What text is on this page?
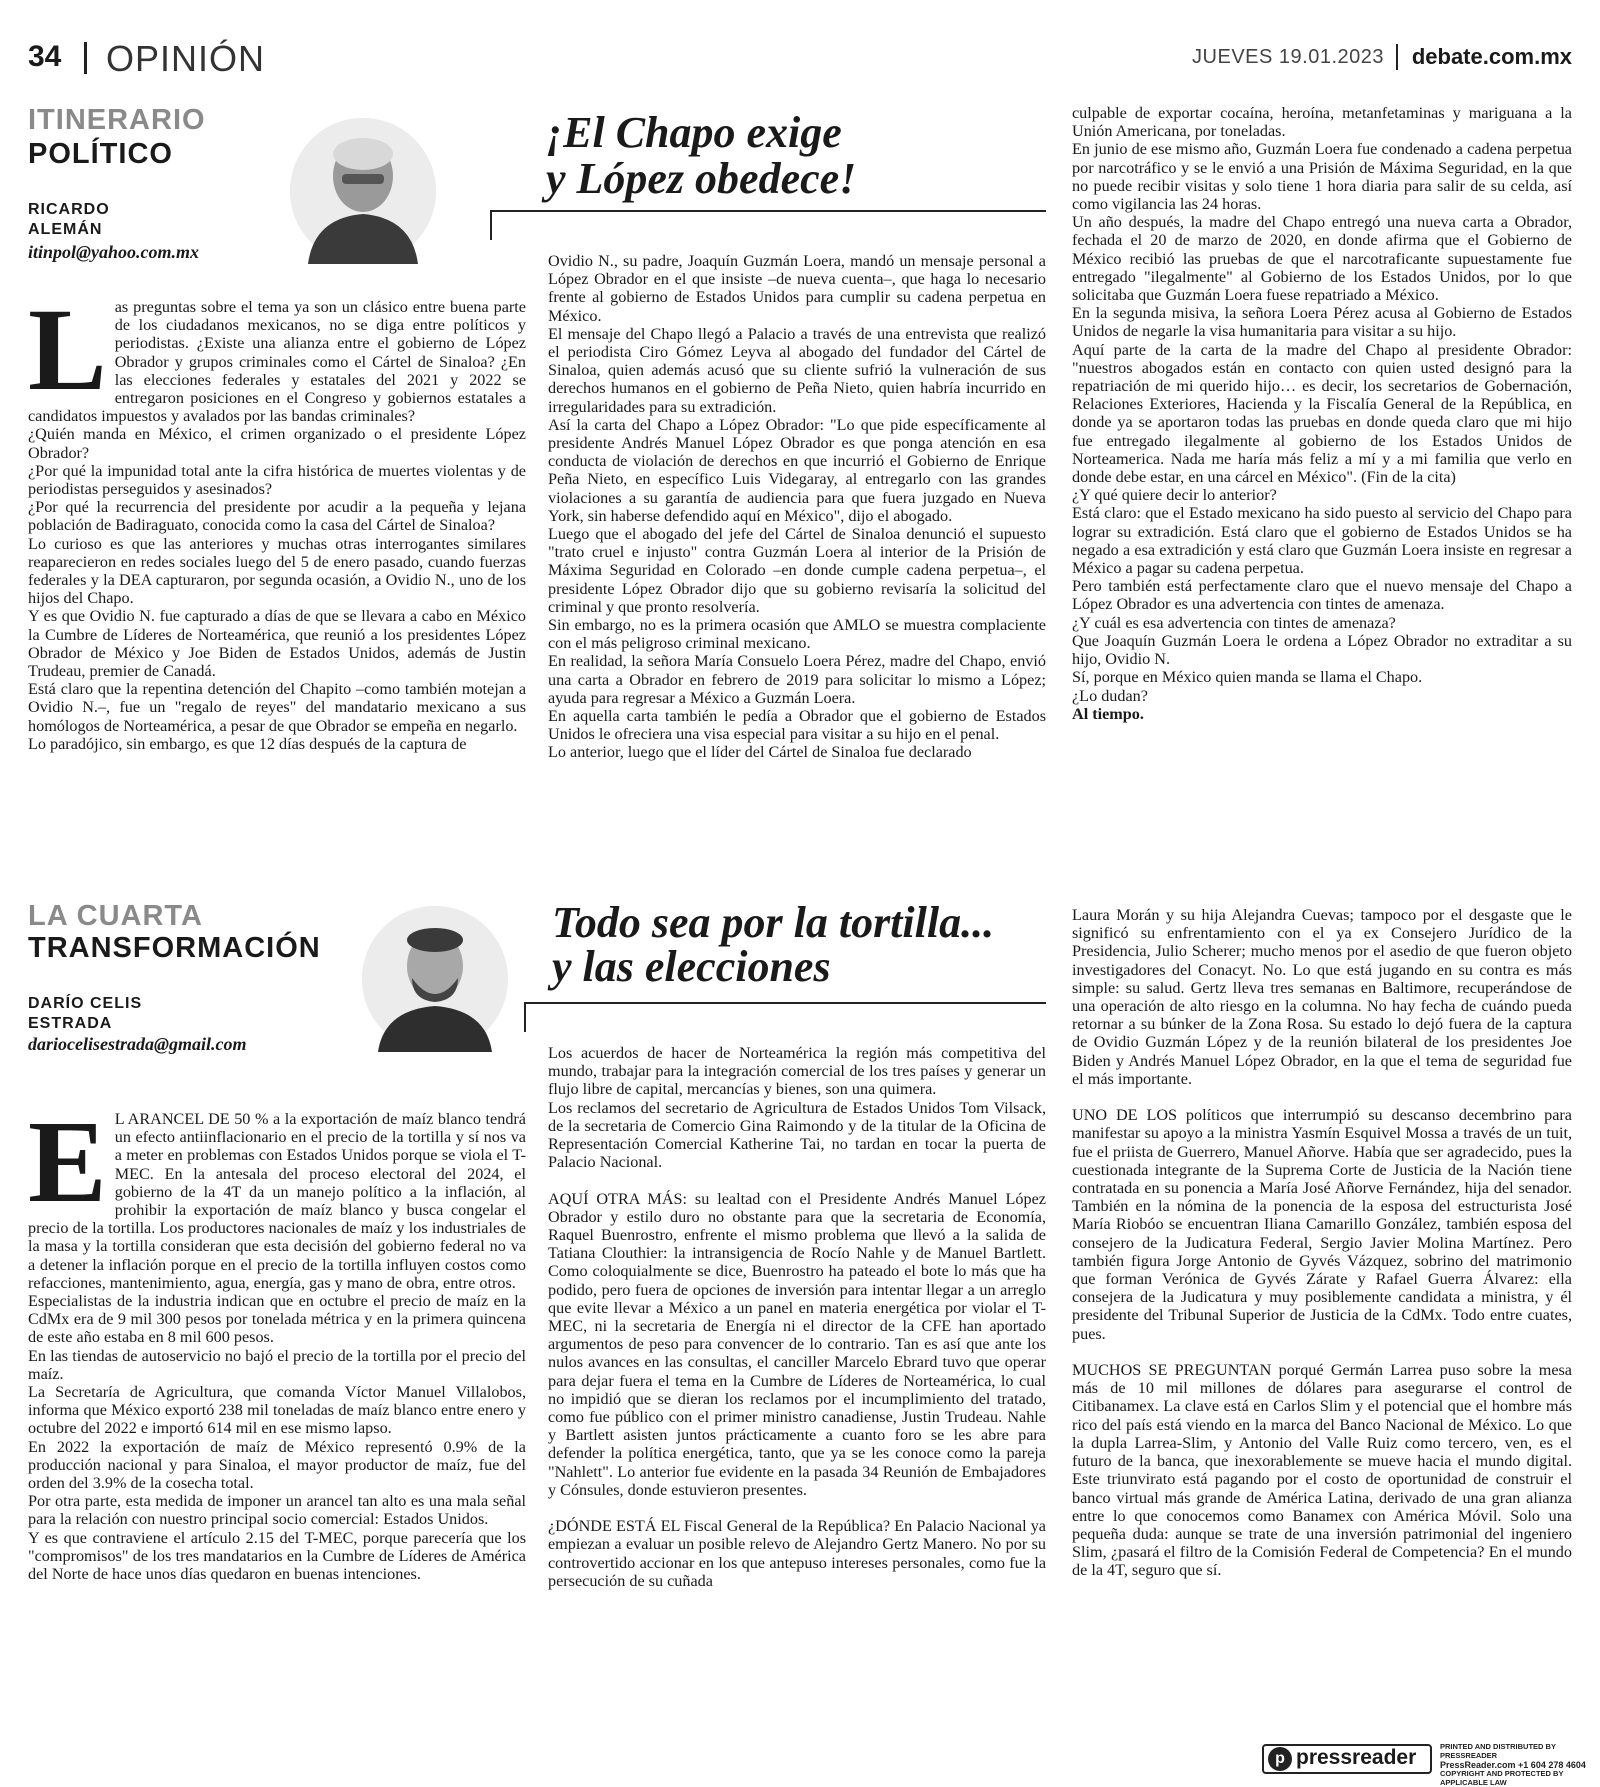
34 OPINIÓN	JUEVES 19.01.2023 debate.com.mx
ITINERARIO
POLÍTICO
RICARDO
ALEMÁN
itinpol@yahoo.com.mx
¡El Chapo exige
y López obedece!
L as preguntas sobre el tema ya son un clásico entre buena parte de los ciudadanos mexicanos, no se diga entre políticos y periodistas. ¿Existe una alianza entre el gobierno de López Obrador y grupos criminales como el Cártel de Sinaloa? ¿En las elecciones federales y estatales del 2021 y 2022 se entregaron posiciones en el Congreso y gobiernos estatales a candidatos impuestos y avalados por las bandas criminales?

¿Quién manda en México, el crimen organizado o el presidente López Obrador?

¿Por qué la impunidad total ante la cifra histórica de muertes violentas y de periodistas perseguidos y asesinados?

¿Por qué la recurrencia del presidente por acudir a la pequeña y lejana población de Badiraguato, conocida como la casa del Cártel de Sinaloa?

Lo curioso es que las anteriores y muchas otras interrogantes similares reaparecieron en redes sociales luego del 5 de enero pasado, cuando fuerzas federales y la DEA capturaron, por segunda ocasión, a Ovidio N., uno de los hijos del Chapo.

Y es que Ovidio N. fue capturado a días de que se llevara a cabo en México la Cumbre de Líderes de Norteamérica, que reunió a los presidentes López Obrador de México y Joe Biden de Estados Unidos, además de Justin Trudeau, premier de Canadá.

Está claro que la repentina detención del Chapito –como también motejan a Ovidio N.–, fue un "regalo de reyes" del mandatario mexicano a sus homólogos de Norteamérica, a pesar de que Obrador se empeña en negarlo.

Lo paradójico, sin embargo, es que 12 días después de la captura de

Ovidio N., su padre, Joaquín Guzmán Loera, mandó un mensaje personal a López Obrador en el que insiste –de nueva cuenta–, que haga lo necesario frente al gobierno de Estados Unidos para cumplir su cadena perpetua en México.

El mensaje del Chapo llegó a Palacio a través de una entrevista que realizó el periodista Ciro Gómez Leyva al abogado del fundador del Cártel de Sinaloa, quien además acusó que su cliente sufrió la vulneración de sus derechos humanos en el gobierno de Peña Nieto, quien habría incurrido en irregularidades para su extradición.

Así la carta del Chapo a López Obrador: "Lo que pide específicamente al presidente Andrés Manuel López Obrador es que ponga atención en esa conducta de violación de derechos en que incurrió el Gobierno de Enrique Peña Nieto, en específico Luis Videgaray, al entregarlo con las grandes violaciones a su garantía de audiencia para que fuera juzgado en Nueva York, sin haberse defendido aquí en México", dijo el abogado.

Luego que el abogado del jefe del Cártel de Sinaloa denunció el supuesto "trato cruel e injusto" contra Guzmán Loera al interior de la Prisión de Máxima Seguridad en Colorado –en donde cumple cadena perpetua–, el presidente López Obrador dijo que su gobierno revisaría la solicitud del criminal y que pronto resolvería.

Sin embargo, no es la primera ocasión que AMLO se muestra complaciente con el más peligroso criminal mexicano.

En realidad, la señora María Consuelo Loera Pérez, madre del Chapo, envió una carta a Obrador en febrero de 2019 para solicitar lo mismo a López; ayuda para regresar a México a Guzmán Loera.

En aquella carta también le pedía a Obrador que el gobierno de Estados Unidos le ofreciera una visa especial para visitar a su hijo en el penal.

Lo anterior, luego que el líder del Cártel de Sinaloa fue declarado

culpable de exportar cocaína, heroína, metanfetaminas y mariguana a la Unión Americana, por toneladas.

En junio de ese mismo año, Guzmán Loera fue condenado a cadena perpetua por narcotráfico y se le envió a una Prisión de Máxima Seguridad, en la que no puede recibir visitas y solo tiene 1 hora diaria para salir de su celda, así como vigilancia las 24 horas.

Un año después, la madre del Chapo entregó una nueva carta a Obrador, fechada el 20 de marzo de 2020, en donde afirma que el Gobierno de México recibió las pruebas de que el narcotraficante supuestamente fue entregado "ilegalmente" al Gobierno de los Estados Unidos, por lo que solicitaba que Guzmán Loera fuese repatriado a México.

En la segunda misiva, la señora Loera Pérez acusa al Gobierno de Estados Unidos de negarle la visa humanitaria para visitar a su hijo.

Aquí parte de la carta de la madre del Chapo al presidente Obrador: "nuestros abogados están en contacto con quien usted designó para la repatriación de mi querido hijo… es decir, los secretarios de Gobernación, Relaciones Exteriores, Hacienda y la Fiscalía General de la República, en donde ya se aportaron todas las pruebas en donde queda claro que mi hijo fue entregado ilegalmente al gobierno de los Estados Unidos de Norteamerica. Nada me haría más feliz a mí y a mi familia que verlo en donde debe estar, en una cárcel en México". (Fin de la cita)

¿Y qué quiere decir lo anterior?

Está claro: que el Estado mexicano ha sido puesto al servicio del Chapo para lograr su extradición. Está claro que el gobierno de Estados Unidos se ha negado a esa extradición y está claro que Guzmán Loera insiste en regresar a México a pagar su cadena perpetua.

Pero también está perfectamente claro que el nuevo mensaje del Chapo a López Obrador es una advertencia con tintes de amenaza.

¿Y cuál es esa advertencia con tintes de amenaza?

Que Joaquín Guzmán Loera le ordena a López Obrador no extraditar a su hijo, Ovidio N.

Sí, porque en México quien manda se llama el Chapo.

¿Lo dudan?

Al tiempo.

LA CUARTA
TRANSFORMACIÓN
DARÍO CELIS
ESTRADA
dariocelisestrada@gmail.com
Todo sea por la tortilla...
y las elecciones
E L ARANCEL DE 50 % a la exportación de maíz blanco tendrá un efecto antiinflacionario en el precio de la tortilla y sí nos va a meter en problemas con Estados Unidos porque se viola el T-MEC. En la antesala del proceso electoral del 2024, el gobierno de la 4T da un manejo político a la inflación, al prohibir la exportación de maíz blanco y busca congelar el precio de la tortilla. Los productores nacionales de maíz y los industriales de la masa y la tortilla consideran que esta decisión del gobierno federal no va a detener la inflación porque en el precio de la tortilla influyen costos como refacciones, mantenimiento, agua, energía, gas y mano de obra, entre otros.

Especialistas de la industria indican que en octubre el precio de maíz en la CdMx era de 9 mil 300 pesos por tonelada métrica y en la primera quincena de este año estaba en 8 mil 600 pesos.

En las tiendas de autoservicio no bajó el precio de la tortilla por el precio del maíz.

La Secretaría de Agricultura, que comanda Víctor Manuel Villalobos, informa que México exportó 238 mil toneladas de maíz blanco entre enero y octubre del 2022 e importó 614 mil en ese mismo lapso.

En 2022 la exportación de maíz de México representó 0.9% de la producción nacional y para Sinaloa, el mayor productor de maíz, fue del orden del 3.9% de la cosecha total.

Por otra parte, esta medida de imponer un arancel tan alto es una mala señal para la relación con nuestro principal socio comercial: Estados Unidos.

Y es que contraviene el artículo 2.15 del T-MEC, porque parecería que los "compromisos" de los tres mandatarios en la Cumbre de Líderes de América del Norte de hace unos días quedaron en buenas intenciones.

Los acuerdos de hacer de Norteamérica la región más competitiva del mundo, trabajar para la integración comercial de los tres países y generar un flujo libre de capital, mercancías y bienes, son una quimera.

Los reclamos del secretario de Agricultura de Estados Unidos Tom Vilsack, de la secretaria de Comercio Gina Raimondo y de la titular de la Oficina de Representación Comercial Katherine Tai, no tardan en tocar la puerta de Palacio Nacional.

AQUÍ OTRA MÁS: su lealtad con el Presidente Andrés Manuel López Obrador y estilo duro no obstante para que la secretaria de Economía, Raquel Buenrostro, enfrente el mismo problema que llevó a la salida de Tatiana Clouthier: la intransigencia de Rocío Nahle y de Manuel Bartlett. Como coloquialmente se dice, Buenrostro ha pateado el bote lo más que ha podido, pero fuera de opciones de inversión para intentar llegar a un arreglo que evite llevar a México a un panel en materia energética por violar el T-MEC, ni la secretaria de Energía ni el director de la CFE han aportado argumentos de peso para convencer de lo contrario. Tan es así que ante los nulos avances en las consultas, el canciller Marcelo Ebrard tuvo que operar para dejar fuera el tema en la Cumbre de Líderes de Norteamérica, lo cual no impidió que se dieran los reclamos por el incumplimiento del tratado, como fue público con el primer ministro canadiense, Justin Trudeau. Nahle y Bartlett asisten juntos prácticamente a cuanto foro se les abre para defender la política energética, tanto, que ya se les conoce como la pareja "Nahlett". Lo anterior fue evidente en la pasada 34 Reunión de Embajadores y Cónsules, donde estuvieron presentes.

¿DÓNDE ESTÁ EL Fiscal General de la República? En Palacio Nacional ya empiezan a evaluar un posible relevo de Alejandro Gertz Manero. No por su controvertido accionar en los que antepuso intereses personales, como fue la persecución de su cuñada

Laura Morán y su hija Alejandra Cuevas; tampoco por el desgaste que le significó su enfrentamiento con el ya ex Consejero Jurídico de la Presidencia, Julio Scherer; mucho menos por el asedio de que fueron objeto investigadores del Conacyt. No. Lo que está jugando en su contra es más simple: su salud. Gertz lleva tres semanas en Baltimore, recuperándose de una operación de alto riesgo en la columna. No hay fecha de cuándo pueda retornar a su búnker de la Zona Rosa. Su estado lo dejó fuera de la captura de Ovidio Guzmán López y de la reunión bilateral de los presidentes Joe Biden y Andrés Manuel López Obrador, en la que el tema de seguridad fue el más importante.

UNO DE LOS políticos que interrumpió su descanso decembrino para manifestar su apoyo a la ministra Yasmín Esquivel Mossa a través de un tuit, fue el priista de Guerrero, Manuel Añorve. Había que ser agradecido, pues la cuestionada integrante de la Suprema Corte de Justicia de la Nación tiene contratada en su ponencia a María José Añorve Fernández, hija del senador. También en la nómina de la ponencia de la esposa del estructurista José María Riobóo se encuentran Iliana Camarillo González, también esposa del consejero de la Judicatura Federal, Sergio Javier Molina Martínez. Pero también figura Jorge Antonio de Gyvés Vázquez, sobrino del matrimonio que forman Verónica de Gyvés Zárate y Rafael Guerra Álvarez: ella consejera de la Judicatura y muy posiblemente candidata a ministra, y él presidente del Tribunal Superior de Justicia de la CdMx. Todo entre cuates, pues.

MUCHOS SE PREGUNTAN porqué Germán Larrea puso sobre la mesa más de 10 mil millones de dólares para asegurarse el control de Citibanamex. La clave está en Carlos Slim y el potencial que el hombre más rico del país está viendo en la marca del Banco Nacional de México. Lo que la dupla Larrea-Slim, y Antonio del Valle Ruiz como tercero, ven, es el futuro de la banca, que inexorablemente se mueve hacia el mundo digital. Este triunvirato está pagando por el costo de oportunidad de construir el banco virtual más grande de América Latina, derivado de una gran alianza entre lo que conocemos como Banamex con América Móvil. Solo una pequeña duda: aunque se trate de una inversión patrimonial del ingeniero Slim, ¿pasará el filtro de la Comisión Federal de Competencia? En el mundo de la 4T, seguro que sí.

p pressreader	PRINTED AND DISTRIBUTED BY PRESSREADER
PressReader.com +1 604 278 4604
COPYRIGHT AND PROTECTED BY APPLICABLE LAW
